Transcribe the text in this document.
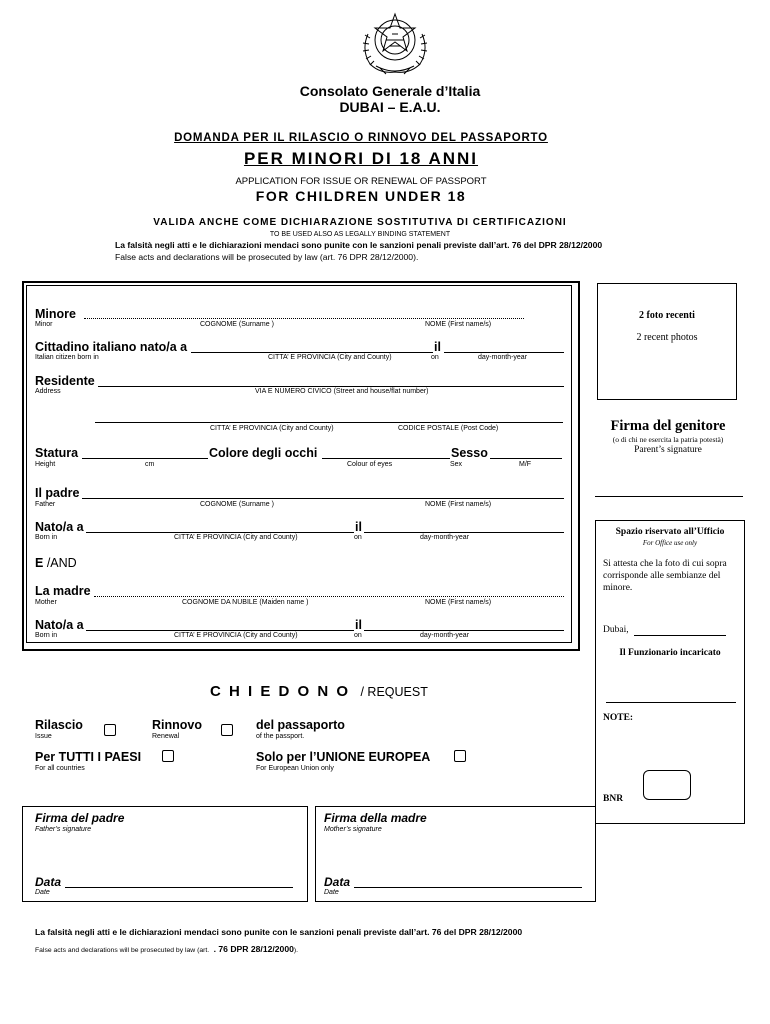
Consolato Generale d’Italia
DUBAI – E.A.U.
DOMANDA PER IL RILASCIO O RINNOVO DEL PASSAPORTO
PER MINORI DI 18 ANNI
APPLICATION FOR ISSUE OR RENEWAL OF PASSPORT
FOR CHILDREN UNDER 18
VALIDA ANCHE COME DICHIARAZIONE SOSTITUTIVA DI CERTIFICAZIONI
TO BE USED ALSO AS LEGALLY BINDING STATEMENT
La falsità negli atti e le dichiarazioni mendaci sono punite con le sanzioni penali previste dall’art. 76 del DPR 28/12/2000
False acts and declarations will be prosecuted by law (art. 76 DPR 28/12/2000).
Minore
Minor	COGNOME (Surname )	NOME (First name/s)
Cittadino italiano nato/a a	il
Italian citizen born in	CITTA’ E PROVINCIA (City and County)	on	day-month-year
Residente
Address	VIA E NUMERO CIVICO (Street and house/flat number)
CITTA’ E PROVINCIA (City and County)	CODICE POSTALE (Post Code)
Statura	Colore degli occhi	Sesso
Height	cm	Colour of eyes	Sex	M/F
Il padre
Father	COGNOME (Surname )	NOME (First name/s)
Nato/a a	il
Born in	CITTA’ E PROVINCIA (City and County)	on	day-month-year
E /AND
La madre
Mother	COGNOME DA NUBILE (Maiden name )	NOME (First name/s)
Nato/a a	il
Born in	CITTA’ E PROVINCIA (City and County)	on	day-month-year
2 foto recenti
2 recent photos
Firma del genitore
(o di chi ne esercita la patria potestà)
Parent’s signature
Spazio riservato all’Ufficio
For Office use only
Si attesta che la foto di cui sopra corrisponde alle sembianze del minore.
Dubai,
Il Funzionario incaricato
NOTE:
BNR
C H I E D O N O / REQUEST
Rilascio
Issue
Rinnovo
Renewal
del passaporto
of the passport.
Per TUTTI I PAESI
For all countries
Solo per l’UNIONE EUROPEA
For European Union only
Firma del padre
Father’s signature
Data
Date
Firma della madre
Mother’s signature
Data
Date
La falsità negli atti e le dichiarazioni mendaci sono punite con le sanzioni penali previste dall’art. 76 del DPR 28/12/2000
False acts and declarations will be prosecuted by law (art. . 76 DPR 28/12/2000).
